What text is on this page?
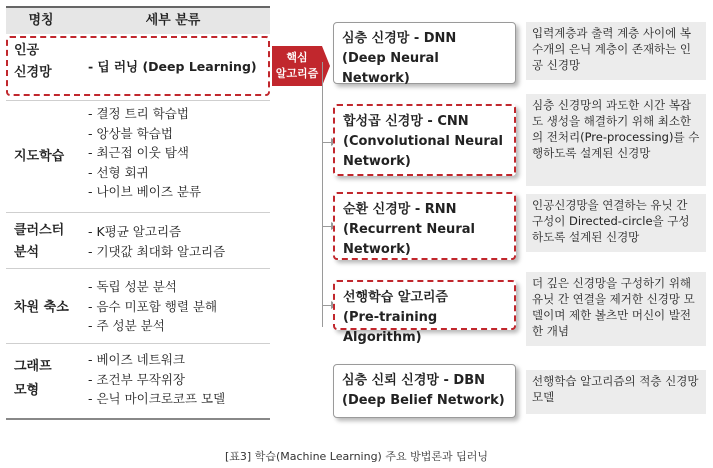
명칭	세부 분류
인공
신경망	- 딥 러닝 (Deep Learning)
지도학습
- 결정 트리 학습법
- 앙상블 학습법
- 최근접 이웃 탐색
- 선형 회귀
- 나이브 베이즈 분류
클러스터
분석
- K평균 알고리즘
- 기댓값 최대화 알고리즘
차원 축소
- 독립 성분 분석
- 음수 미포함 행렬 분해
- 주 성분 분석
그래프
모형
- 베이즈 네트워크
- 조건부 무작위장
- 은닉 마이크로코프 모델
핵심
알고리즘
심층 신경망 - DNN
(Deep Neural Network)
입력계층과 출력 계층 사이에 복수개의 은닉 계층이 존재하는 인공 신경망
합성곱 신경망 - CNN
(Convolutional Neural
Network)
심층 신경망의 과도한 시간 복잡도 생성을 해결하기 위해 최소한의 전처리(Pre-processing)를 수행하도록 설계된 신경망
순환 신경망 - RNN
(Recurrent Neural
Network)
인공신경망을 연결하는 유닛 간 구성이 Directed-circle을 구성하도록 설계된 신경망
선행학습 알고리즘
(Pre-training Algorithm)
더 깊은 신경망을 구성하기 위해 유닛 간 연결을 제거한 신경망 모델이며 제한 볼츠만 머신이 발전한 개념
심층 신뢰 신경망 - DBN
(Deep Belief Network)
선행학습 알고리즘의 적층 신경망 모델
[표3] 학습(Machine Learning) 주요 방법론과 딥러닝
